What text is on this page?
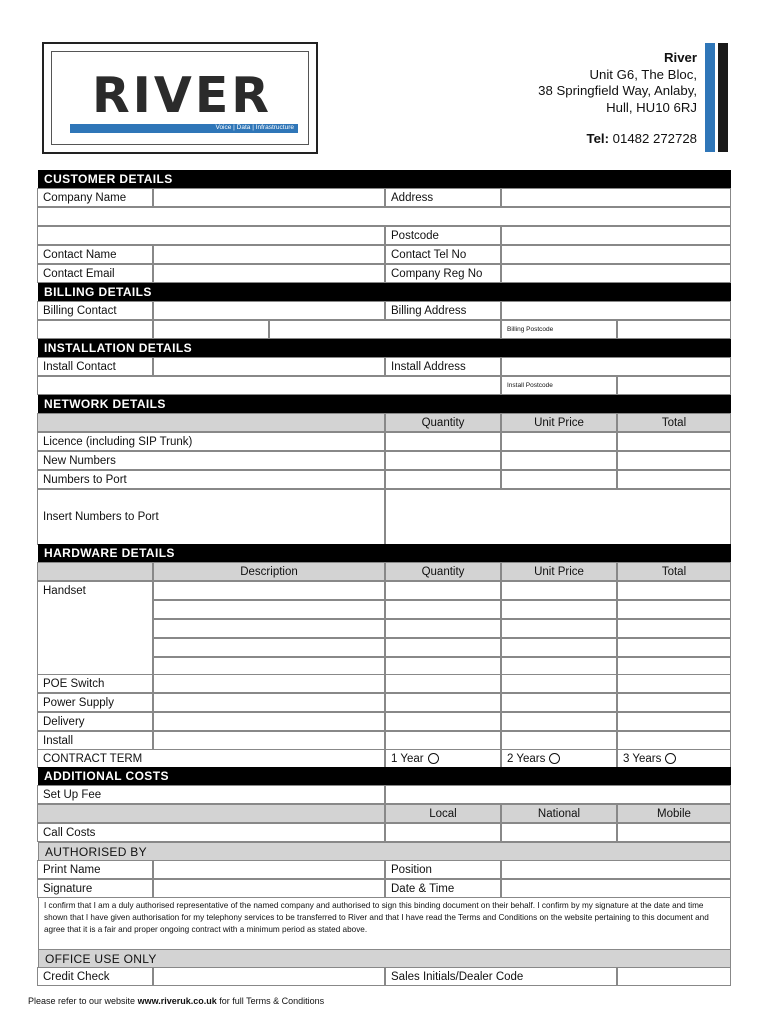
RIVER
Voice | Data | Infrastructure
River
Unit G6, The Bloc,
38 Springfield Way, Anlaby,
Hull, HU10 6RJ
Tel: 01482 272728
CUSTOMER DETAILS
Company Name	Address
Postcode
Contact Name	Contact Tel No
Contact Email	Company Reg No
BILLING DETAILS
Billing Contact	Billing Address
Billing Postcode
INSTALLATION DETAILS
Install Contact	Install Address
Install Postcode
NETWORK DETAILS
Quantity	Unit Price	Total
Licence (including SIP Trunk)
New Numbers
Numbers to Port
Insert Numbers to Port
HARDWARE DETAILS
Description	Quantity	Unit Price	Total
Handset
POE Switch
Power Supply
Delivery
Install
CONTRACT TERM	1 Year	2 Years	3 Years
ADDITIONAL COSTS
Set Up Fee
Local	National	Mobile
Call Costs
AUTHORISED BY
Print Name	Position
Signature	Date & Time
I confirm that I am a duly authorised representative of the named company and authorised to sign this binding document on their behalf. I confirm by my signature at the date and time shown that I have given authorisation for my telephony services to be transferred to River and that I have read the Terms and Conditions on the website pertaining to this document and agree that it is a fair and proper ongoing contract with a minimum period as stated above.
OFFICE USE ONLY
Credit Check	Sales Initials/Dealer Code
Please refer to our website www.riveruk.co.uk for full Terms & Conditions
